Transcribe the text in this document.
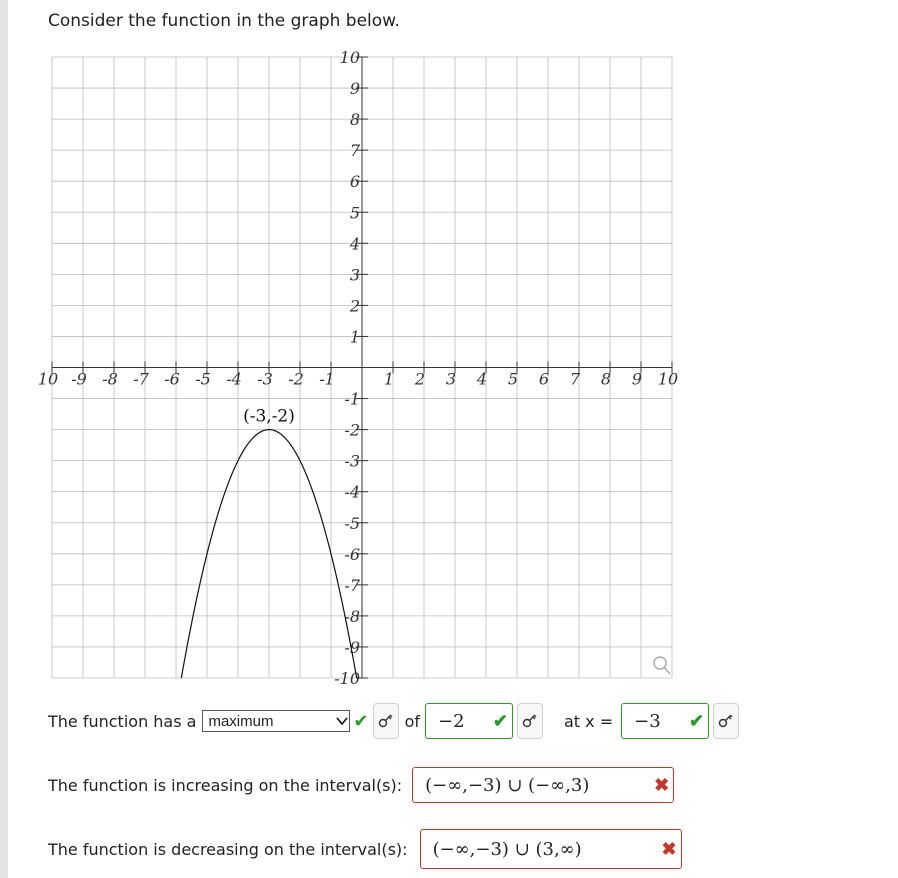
Consider the function in the graph below.
10 -9 -8 -7 -6 -5 -4 -3 -2 -1	1 2 3 4 5 6 7 8 9 10
10
9
8
7
6
5
4
3
2
1
-1
-2
-3
-4
-5
-6
-7
-8
-9
-10
(-3,-2)
The function has a maximum	✔ of −2	✔	at x = −3	✔
The function is increasing on the interval(s): (−∞,−3) ∪ (−∞,3)	✖
The function is decreasing on the interval(s): (−∞,−3) ∪ (3,∞)	✖
